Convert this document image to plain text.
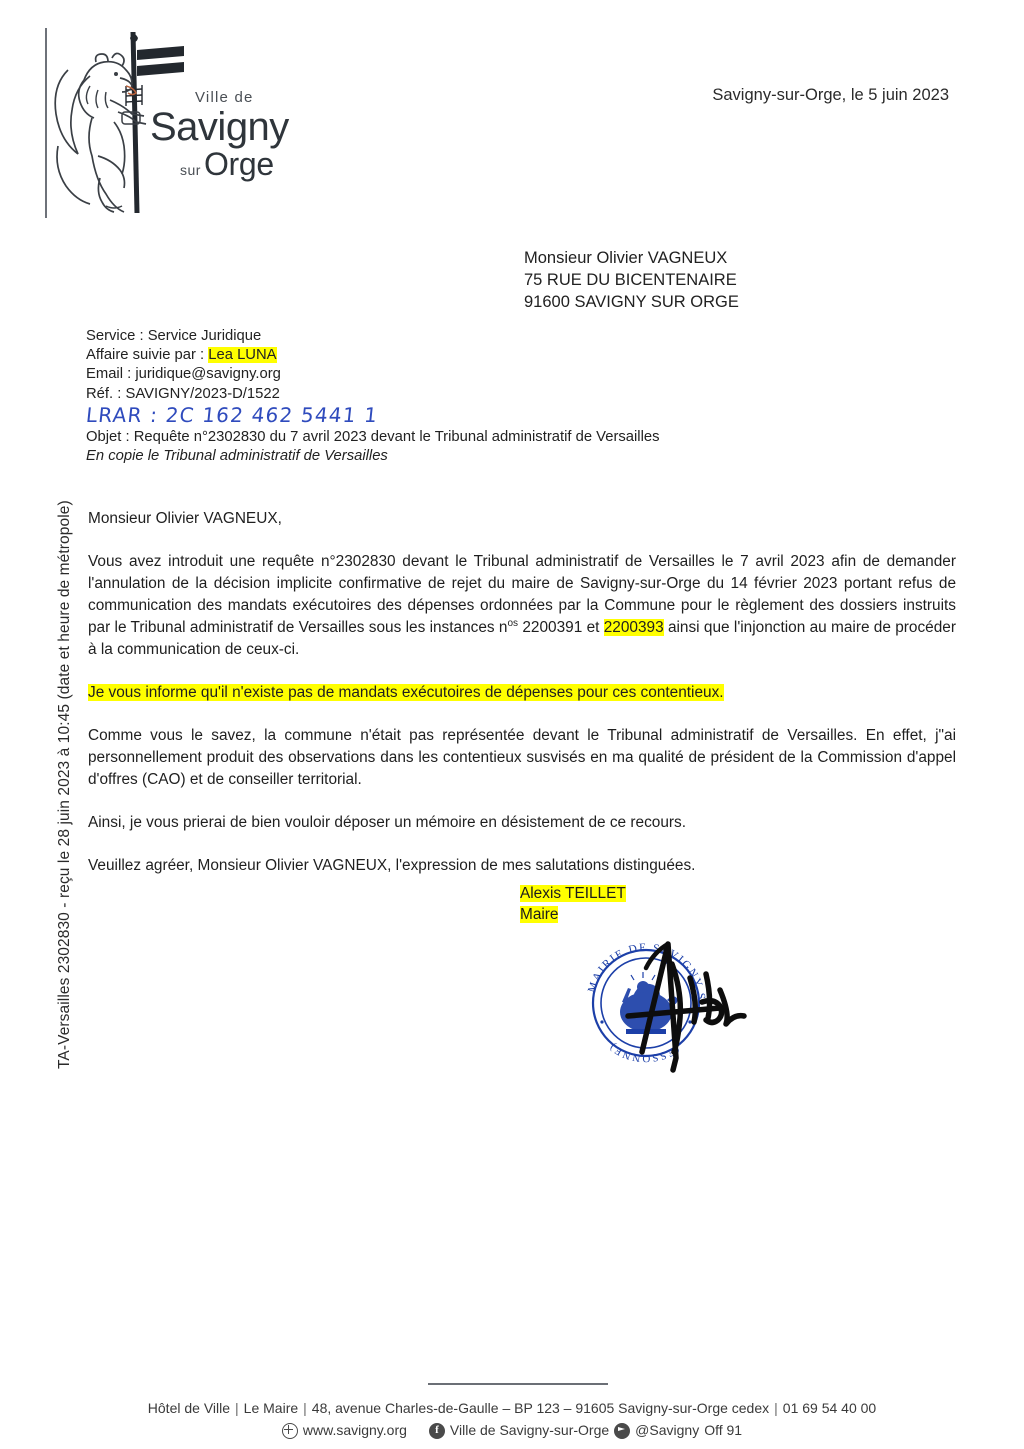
TA-Versailles 2302830 - reçu le 28 juin 2023 à 10:45 (date et heure de métropole)
Ville de
Savigny
sur Orge
Savigny-sur-Orge, le 5 juin 2023
Monsieur Olivier VAGNEUX
75 RUE DU BICENTENAIRE
91600 SAVIGNY SUR ORGE
Service : Service Juridique
Affaire suivie par : Lea LUNA
Email : juridique@savigny.org
Réf. : SAVIGNY/2023-D/1522
LRAR : 2C 162 462 5441 1
Objet : Requête n°2302830 du 7 avril 2023 devant le Tribunal administratif de Versailles
En copie le Tribunal administratif de Versailles

Monsieur Olivier VAGNEUX,

Vous avez introduit une requête n°2302830 devant le Tribunal administratif de Versailles le 7 avril 2023 afin de demander l'annulation de la décision implicite confirmative de rejet du maire de Savigny-sur-Orge du 14 février 2023 portant refus de communication des mandats exécutoires des dépenses ordonnées par la Commune pour le règlement des dossiers instruits par le Tribunal administratif de Versailles sous les instances $n^{os}$ 2200391 et 2200393 ainsi que l'injonction au maire de procéder à la communication de ceux-ci.

Je vous informe qu'il n'existe pas de mandats exécutoires de dépenses pour ces contentieux.

Comme vous le savez, la commune n'était pas représentée devant le Tribunal administratif de Versailles. En effet, j"ai personnellement produit des observations dans les contentieux susvisés en ma qualité de président de la Commission d'appel d'offres (CAO) et de conseiller territorial.

Ainsi, je vous prierai de bien vouloir déposer un mémoire en désistement de ce recours.

Veuillez agréer, Monsieur Olivier VAGNEUX, l'expression de mes salutations distinguées.

Alexis TEILLET
Maire
MAIRIE DE SAVIGNY S
(ESSONNE)
Hôtel de Ville | Le Maire | 48, avenue Charles-de-Gaulle – BP 123 – 91605 Savigny-sur-Orge cedex | 01 69 54 40 00
www.savigny.org	f Ville de Savigny-sur-Orge @Savigny Off 91
